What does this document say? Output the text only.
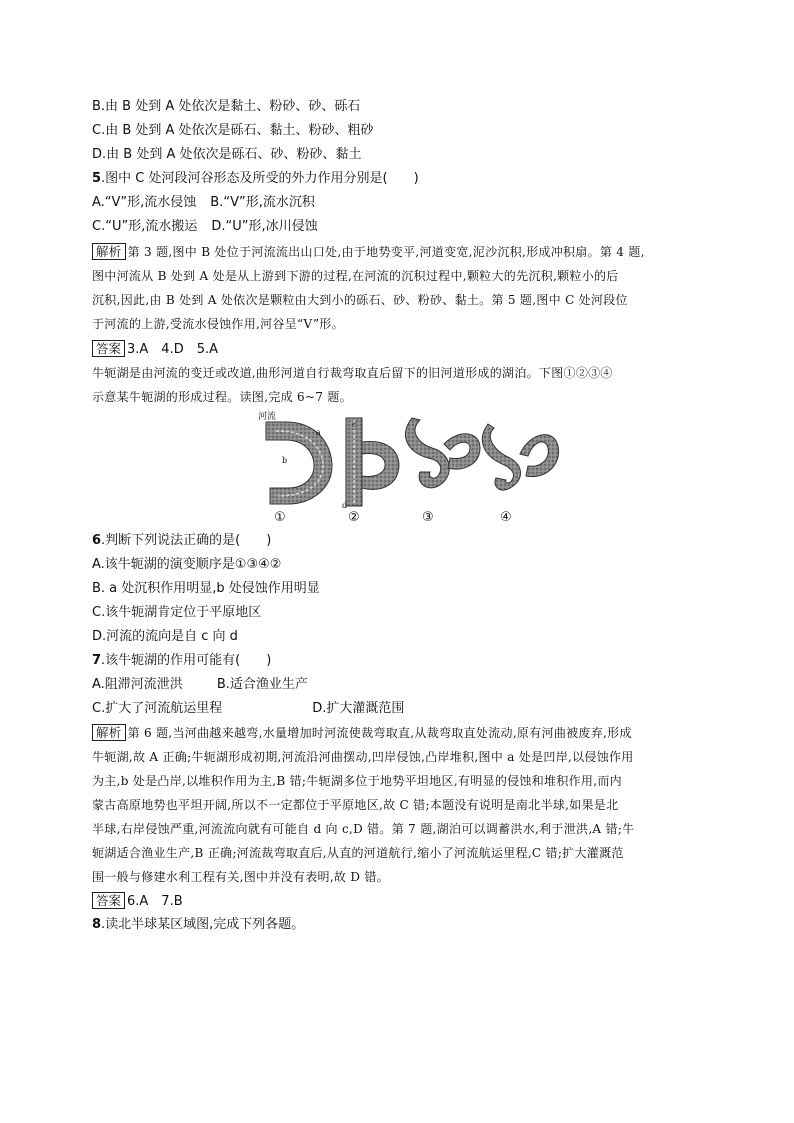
B.由 B 处到 A 处依次是黏土、粉砂、砂、砾石
C.由 B 处到 A 处依次是砾石、黏土、粉砂、粗砂
D.由 B 处到 A 处依次是砾石、砂、粉砂、黏土
5.图中 C 处河段河谷形态及所受的外力作用分别是(　　)
A.“V”形,流水侵蚀 B.“V”形,流水沉积
C.“U”形,流水搬运 D.“U”形,冰川侵蚀
解析 第 3 题,图中 B 处位于河流流出山口处,由于地势变平,河道变宽,泥沙沉积,形成冲积扇。第 4 题,
图中河流从 B 处到 A 处是从上游到下游的过程,在河流的沉积过程中,颗粒大的先沉积,颗粒小的后
沉积,因此,由 B 处到 A 处依次是颗粒由大到小的砾石、砂、粉砂、黏土。第 5 题,图中 C 处河段位
于河流的上游,受流水侵蚀作用,河谷呈“V”形。
答案 3.A　4.D　5.A
牛轭湖是由河流的变迁或改道,曲形河道自行裁弯取直后留下的旧河道形成的湖泊。下图①②③④
示意某牛轭湖的形成过程。读图,完成 6~7 题。
河流
a
b
c
d
①	②	③	④
6.判断下列说法正确的是(　　)
A.该牛轭湖的演变顺序是①③④②
B. a 处沉积作用明显,b 处侵蚀作用明显
C.该牛轭湖肯定位于平原地区
D.河流的流向是自 c 向 d
7.该牛轭湖的作用可能有(　　)
A.阻滞河流泄洪	B.适合渔业生产
C.扩大了河流航运里程	D.扩大灌溉范围
解析 第 6 题,当河曲越来越弯,水量增加时河流使裁弯取直,从裁弯取直处流动,原有河曲被废弃,形成
牛轭湖,故 A 正确;牛轭湖形成初期,河流沿河曲摆动,凹岸侵蚀,凸岸堆积,图中 a 处是凹岸,以侵蚀作用
为主,b 处是凸岸,以堆积作用为主,B 错;牛轭湖多位于地势平坦地区,有明显的侵蚀和堆积作用,而内
蒙古高原地势也平坦开阔,所以不一定都位于平原地区,故 C 错;本题没有说明是南北半球,如果是北
半球,右岸侵蚀严重,河流流向就有可能自 d 向 c,D 错。第 7 题,湖泊可以调蓄洪水,利于泄洪,A 错;牛
轭湖适合渔业生产,B 正确;河流裁弯取直后,从直的河道航行,缩小了河流航运里程,C 错;扩大灌溉范
围一般与修建水利工程有关,图中并没有表明,故 D 错。
答案 6.A　7.B
8.读北半球某区域图,完成下列各题。
